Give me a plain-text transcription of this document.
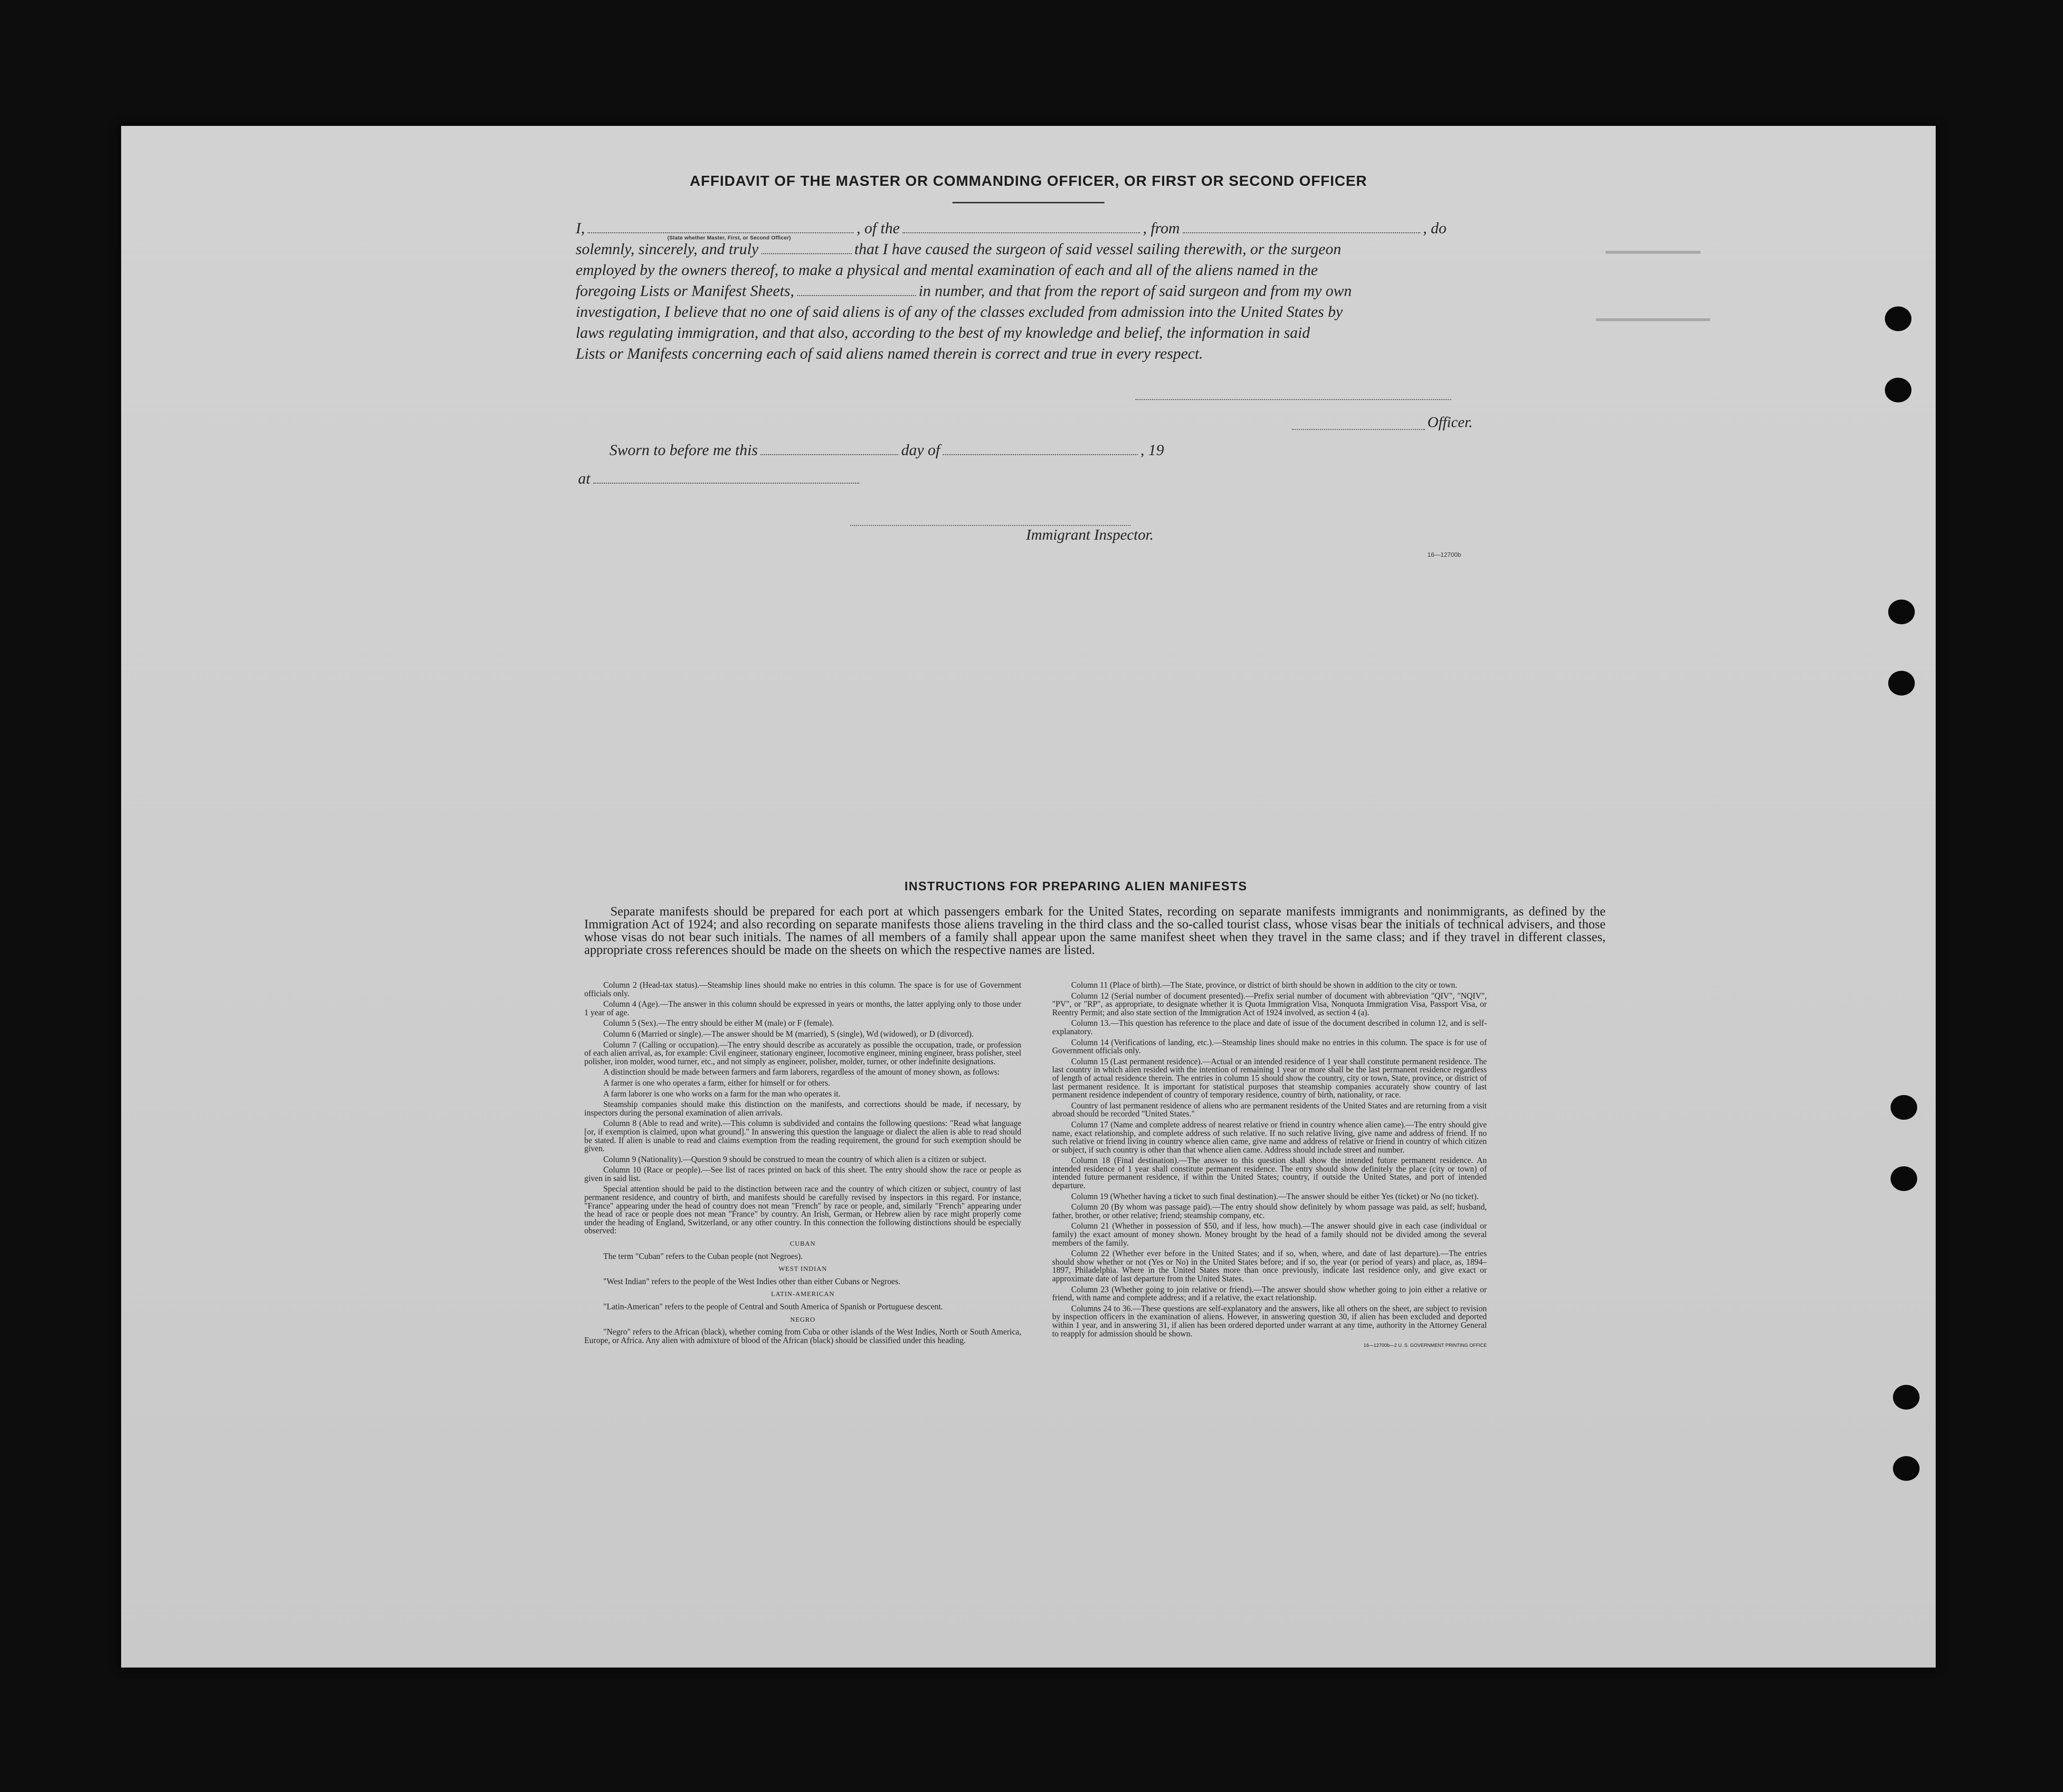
AFFIDAVIT OF THE MASTER OR COMMANDING OFFICER, OR FIRST OR SECOND OFFICER
I,	, of the	, from	, do
(State whether Master, First, or Second Officer)
solemnly, sincerely, and truly	that I have caused the surgeon of said vessel sailing therewith, or the surgeon
employed by the owners thereof, to make a physical and mental examination of each and all of the aliens named in the
foregoing Lists or Manifest Sheets,	in number, and that from the report of said surgeon and from my own
investigation, I believe that no one of said aliens is of any of the classes excluded from admission into the United States by
laws regulating immigration, and that also, according to the best of my knowledge and belief, the information in said
Lists or Manifests concerning each of said aliens named therein is correct and true in every respect.
Officer.
Sworn to before me this	day of	, 19
at
Immigrant Inspector.
16—12700b
INSTRUCTIONS FOR PREPARING ALIEN MANIFESTS
Separate manifests should be prepared for each port at which passengers embark for the United States, recording on separate manifests immigrants and nonimmigrants, as defined by the Immigration Act of 1924; and also recording on separate manifests those aliens traveling in the third class and the so-called tourist class, whose visas bear the initials of technical advisers, and those whose visas do not bear such initials. The names of all members of a family shall appear upon the same manifest sheet when they travel in the same class; and if they travel in different classes, appropriate cross references should be made on the sheets on which the respective names are listed.

Column 2 (Head-tax status).—Steamship lines should make no entries in this column. The space is for use of Government officials only.

Column 4 (Age).—The answer in this column should be expressed in years or months, the latter applying only to those under 1 year of age.

Column 5 (Sex).—The entry should be either M (male) or F (female).

Column 6 (Married or single).—The answer should be M (married), S (single), Wd (widowed), or D (divorced).

Column 7 (Calling or occupation).—The entry should describe as accurately as possible the occupation, trade, or profession of each alien arrival, as, for example: Civil engineer, stationary engineer, locomotive engineer, mining engineer, brass polisher, steel polisher, iron molder, wood turner, etc., and not simply as engineer, polisher, molder, turner, or other indefinite designations.

A distinction should be made between farmers and farm laborers, regardless of the amount of money shown, as follows:

A farmer is one who operates a farm, either for himself or for others.

A farm laborer is one who works on a farm for the man who operates it.

Steamship companies should make this distinction on the manifests, and corrections should be made, if necessary, by inspectors during the personal examination of alien arrivals.

Column 8 (Able to read and write).—This column is subdivided and contains the following questions: "Read what language [or, if exemption is claimed, upon what ground]." In answering this question the language or dialect the alien is able to read should be stated. If alien is unable to read and claims exemption from the reading requirement, the ground for such exemption should be given.

Column 9 (Nationality).—Question 9 should be construed to mean the country of which alien is a citizen or subject.

Column 10 (Race or people).—See list of races printed on back of this sheet. The entry should show the race or people as given in said list.

Special attention should be paid to the distinction between race and the country of which citizen or subject, country of last permanent residence, and country of birth, and manifests should be carefully revised by inspectors in this regard. For instance, "France" appearing under the head of country does not mean "French" by race or people, and, similarly "French" appearing under the head of race or people does not mean "France" by country. An Irish, German, or Hebrew alien by race might properly come under the heading of England, Switzerland, or any other country. In this connection the following distinctions should be especially observed:

CUBAN

The term "Cuban" refers to the Cuban people (not Negroes).

WEST INDIAN

"West Indian" refers to the people of the West Indies other than either Cubans or Negroes.

LATIN-AMERICAN

"Latin-American" refers to the people of Central and South America of Spanish or Portuguese descent.

NEGRO

"Negro" refers to the African (black), whether coming from Cuba or other islands of the West Indies, North or South America, Europe, or Africa. Any alien with admixture of blood of the African (black) should be classified under this heading.

Column 11 (Place of birth).—The State, province, or district of birth should be shown in addition to the city or town.

Column 12 (Serial number of document presented).—Prefix serial number of document with abbreviation "QIV", "NQIV", "PV", or "RP", as appropriate, to designate whether it is Quota Immigration Visa, Nonquota Immigration Visa, Passport Visa, or Reentry Permit; and also state section of the Immigration Act of 1924 involved, as section 4 (a).

Column 13.—This question has reference to the place and date of issue of the document described in column 12, and is self-explanatory.

Column 14 (Verifications of landing, etc.).—Steamship lines should make no entries in this column. The space is for use of Government officials only.

Column 15 (Last permanent residence).—Actual or an intended residence of 1 year shall constitute permanent residence. The last country in which alien resided with the intention of remaining 1 year or more shall be the last permanent residence regardless of length of actual residence therein. The entries in column 15 should show the country, city or town, State, province, or district of last permanent residence. It is important for statistical purposes that steamship companies accurately show country of last permanent residence independent of country of temporary residence, country of birth, nationality, or race.

Country of last permanent residence of aliens who are permanent residents of the United States and are returning from a visit abroad should be recorded "United States."

Column 17 (Name and complete address of nearest relative or friend in country whence alien came).—The entry should give name, exact relationship, and complete address of such relative. If no such relative living, give name and address of friend. If no such relative or friend living in country whence alien came, give name and address of relative or friend in country of which citizen or subject, if such country is other than that whence alien came. Address should include street and number.

Column 18 (Final destination).—The answer to this question shall show the intended future permanent residence. An intended residence of 1 year shall constitute permanent residence. The entry should show definitely the place (city or town) of intended future permanent residence, if within the United States; country, if outside the United States, and port of intended departure.

Column 19 (Whether having a ticket to such final destination).—The answer should be either Yes (ticket) or No (no ticket).

Column 20 (By whom was passage paid).—The entry should show definitely by whom passage was paid, as self; husband, father, brother, or other relative; friend; steamship company, etc.

Column 21 (Whether in possession of $50, and if less, how much).—The answer should give in each case (individual or family) the exact amount of money shown. Money brought by the head of a family should not be divided among the several members of the family.

Column 22 (Whether ever before in the United States; and if so, when, where, and date of last departure).—The entries should show whether or not (Yes or No) in the United States before; and if so, the year (or period of years) and place, as, 1894–1897, Philadelphia. Where in the United States more than once previously, indicate last residence only, and give exact or approximate date of last departure from the United States.

Column 23 (Whether going to join relative or friend).—The answer should show whether going to join either a relative or friend, with name and complete address; and if a relative, the exact relationship.

Columns 24 to 36.—These questions are self-explanatory and the answers, like all others on the sheet, are subject to revision by inspection officers in the examination of aliens. However, in answering question 30, if alien has been excluded and deported within 1 year, and in answering 31, if alien has been ordered deported under warrant at any time, authority in the Attorney General to reapply for admission should be shown.

16—12700b—2 U. S. GOVERNMENT PRINTING OFFICE
